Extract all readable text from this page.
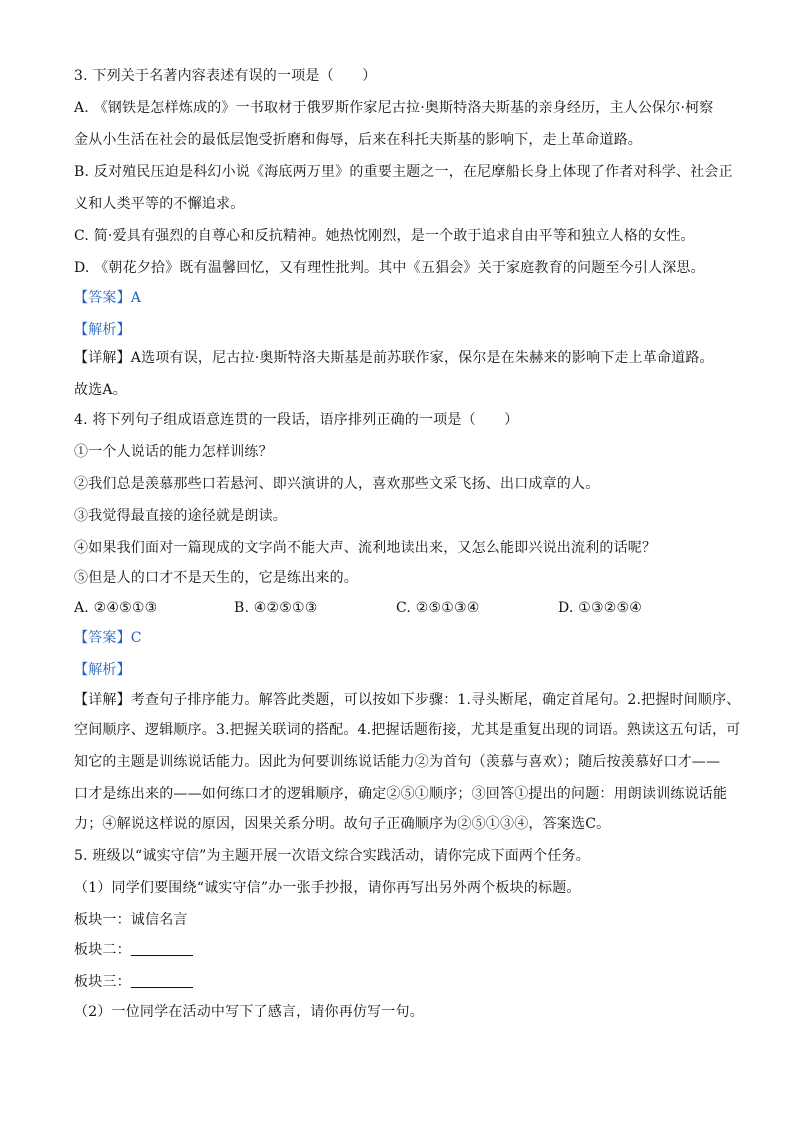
3. 下列关于名著内容表述有误的一项是（　　）
A. 《钢铁是怎样炼成的》一书取材于俄罗斯作家尼古拉·奥斯特洛夫斯基的亲身经历，主人公保尔·柯察
金从小生活在社会的最低层饱受折磨和侮辱，后来在科托夫斯基的影响下，走上革命道路。
B. 反对殖民压迫是科幻小说《海底两万里》的重要主题之一，在尼摩船长身上体现了作者对科学、社会正
义和人类平等的不懈追求。
C. 简·爱具有强烈的自尊心和反抗精神。她热忱刚烈，是一个敢于追求自由平等和独立人格的女性。
D. 《朝花夕拾》既有温馨回忆，又有理性批判。其中《五猖会》关于家庭教育的问题至今引人深思。
【答案】A
【解析】
【详解】A选项有误，尼古拉·奥斯特洛夫斯基是前苏联作家，保尔是在朱赫来的影响下走上革命道路。
故选A。
4. 将下列句子组成语意连贯的一段话，语序排列正确的一项是（　　）
①一个人说话的能力怎样训练？
②我们总是羡慕那些口若悬河、即兴演讲的人，喜欢那些文采飞扬、出口成章的人。
③我觉得最直接的途径就是朗读。
④如果我们面对一篇现成的文字尚不能大声、流利地读出来，又怎么能即兴说出流利的话呢？
⑤但是人的口才不是天生的，它是练出来的。
A. ②④⑤①③	B. ④②⑤①③	C. ②⑤①③④	D. ①③②⑤④
【答案】C
【解析】
【详解】考查句子排序能力。解答此类题，可以按如下步骤：1.寻头断尾，确定首尾句。2.把握时间顺序、
空间顺序、逻辑顺序。3.把握关联词的搭配。4.把握话题衔接，尤其是重复出现的词语。熟读这五句话，可
知它的主题是训练说话能力。因此为何要训练说话能力②为首句（羡慕与喜欢）；随后按羡慕好口才——
口才是练出来的——如何练口才的逻辑顺序，确定②⑤①顺序；③回答①提出的问题：用朗读训练说话能
力；④解说这样说的原因，因果关系分明。故句子正确顺序为②⑤①③④，答案选C。
5. 班级以“诚实守信”为主题开展一次语文综合实践活动，请你完成下面两个任务。
（1）同学们要围绕“诚实守信”办一张手抄报，请你再写出另外两个板块的标题。
板块一：诚信名言
板块二：
板块三：
（2）一位同学在活动中写下了感言，请你再仿写一句。
